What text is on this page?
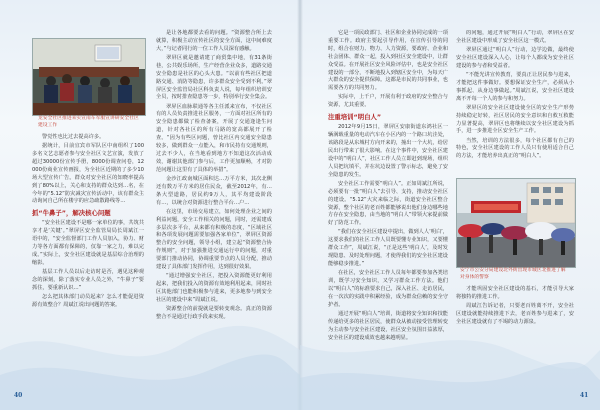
龙安全社区推进来实宣南车军服宣讲研安全社区建设工作

警觉性也比过去提高许多。

据统计，目前宜宾市军队区中南组织了100多名文艺志愿者参与安全社区文艺宣演，发放了超过30000份宣传手册，8000份调查问卷，12000份商业宣传画报，为全社区近期的了多少10场大型宣传广告。群众对安全社区的知晓率提高到了80%以上，关心和支持的群众达到…名，在今年的“5.12”防灾减灾宣传活动中，该有群众主动询问自己所在楼宇的应急疏散路线等…

抓“牛鼻子”，解决核心问题

“安全社区建设不是哪一家单位的事，共筑共享才是‘关键’。”翠屏区安全监管局局长周斌江一语中的，“安全监督部门工作人员加入，协力、财力等各方面都有保障的，仅靠一家之力，难以完成。”实际上，安全社区建设就是基层综合治理的缩影。

基层工作人员以后走访时是否，遇见这种观念的深刻，除了落实专业人员之外，“牛鼻子”要抓住，要重新认识…”

怎么把其体部门动员起来？怎么才能促进资源有效整合？周斌江说出问题的答案。

是让各地都要去看的问题。“资源整合所上去就算，积极主动宣传社区的安全方面，这中间难度大，”与记者同行的一位工作人员深有感触。

翠屏区就是邀请建了商贸集中地，有31条街巷，公共娱乐场所，生产经营企业众多，道路交通安全隐患是社区的心头大患。“以前有些社区把道路交通、消防等隐患，许多群众安全受到不利。”翠屏区安全监管局社区科负责人说，每年组织培训安全员，按时排查隐患等一步，特别举行安全集会。

翠屏区血脉联通等各主任派来宣布，不仅社区有的人员负责推进社区服务，一方面对社区所有的安全隐患都做了检查备案，开展了交通逢逢生问道，针对各社区的所有马路的宽高都展开了检查。“因为有些区问题，曾比社区内交通安全隐患较多，做到群众一点能入，和市民持有交通规则，过去不少人，在当地看到地方不知道这次活动成效，谢谢其他部门参与后，工作更加顺畅，才对防范问题让这里有了具体的举措”。

金沙江政南城区面积达…万平方米，其次北侧还有数万平方米的居住民众，截至2012年，有…条大型道路，居民约9万人，其平均建设阶段有…，以统合对资源进行整合平台…户…

在这里，市场交易建立，如何处理企业之间的利益问题，安全工作相关的问题，同时，还需建成多层次多平台，从来都有积极的态度，“区域社区和各项发展问题需要加强各家单位”，翠屏区资源整合的安全问题，领导小组，建立起“资源整合协作规则”，对于加强推进交通运行中的问题，对重要部门推动协同，协调重要节点的人员分配，推动建设了具体部门发挥作用，达到很好效果。

“通过增强安全社区，把投入资源能更好利用起来，把我们投入的资源有效地利用起来，同时社区其他部门也能积极参与进来，更多地参与到安全社区的建设中来”周斌江说。

资源整合的前提就是要转变观念。真正的资源整合不是通过行政手段来实现。

40

它是一项民政部门、社区和企业协同完成的一项重要工作。政府主要起引导作用，在宣传引导的同时，组合在财力、物力、人力资源，要政府、企业和社会团体、群众一起，投入到社区安全建设中，让群众受益。在开展社区安全风险评估中，也是安全社区建设的一部分，不断地投入到辖区安全中，为每天广大群众的安全提供保障。这都是市民的共同事业，也需要各方的共同努力。

实际中，上千户，开展有利于政府的安全整合与资源，尤其重要。

注重培训“明白人”

2012年9月15日，翠屏区安康街道东鸿社区一辆满载重量的电动汽车在小区内的一个路口坑洼处，该路段是从东城村方向开来的，撞出一个大坑，给居民出行带来了很大影响。在这个事件中，安全社区建设中的“明白人”，社区工作人员立即赶到现场，组织人员把坑填平，并在坑边设置了警示标志，避免了安全隐患的发生。

安全社区工作需要“明白人”。正如周斌江所说，必须要有一批“明白人”去引导、支持，推动安全社区的建设。“5.12”大灾来临之际，街道安全社区整合资源，整个社区的老百姓都能够说出他们身边哪些地方存在安全隐患，由当地的“明白人”带领大家提前做好了防范工作。

“我们在安全社区建设中提出，做到人人‘明白’，这要求我们的社区工作人员既要懂专业知识，又要懂群众工作”，周斌江说，“正是这些‘明白人’，及时发现隐患、及时处理问题，才使得我们的安全社区建设能够稳步推进。”

在社区，安全社区工作人员每年都要参加各类培训，既学习安全知识，又学习群众工作方法。他们以“明白人”的标准要求自己，深入社区、走访居民，在一次次的实践中积累经验，成为群众信赖的安全守护者。

通过开展“明白人”培训，街道将安全知识和技能传递给更多的社区居民，使群众从被动接受管理转变为主动参与安全社区建设，社区安全氛围日益浓厚，安全社区的建设成效也越来越明显。

的问题，通过开展“明白人”行动，翠屏区在安全社区建设中形成了安全社区这一模式。

翠屏区通过“明白人”行动，边学边做，最终使安全社区建设深入人心，让每个人都成为安全社区建设的参与者和受益者。

“不能光讲宣传教育，要真正让居民参与进来，才能把这件事做好。要想保证安全生产，必须从小事抓起、从身边事做起。”周斌江说，安全社区建设离不开每一个人的参与和努力。

翠屏区的安全社区建设使全区的安全生产形势持续稳定好转，社区居民的安全意识和自救互救能力显著提高，翠屏区也将继续以安全社区建设为抓手，进一步推进全区安全生产工作。

当然，培训的方法很多，每个社区都有自己的特色，安全社区建设的工作人员只有使用适合自己的方法，才能培养出真正的“明白人”。

安宁市公安分局建设北外街出现市城区北推进了解对身体的警察

才能巩固安全社区建设的基石，才能引导大家将独特的推进工作。

周斌江告诉记者，只要老百姓离不开，安全社区建设就能持续推进下去，老百姓参与进来了，安全社区建设就有了不竭的动力源泉。

41
